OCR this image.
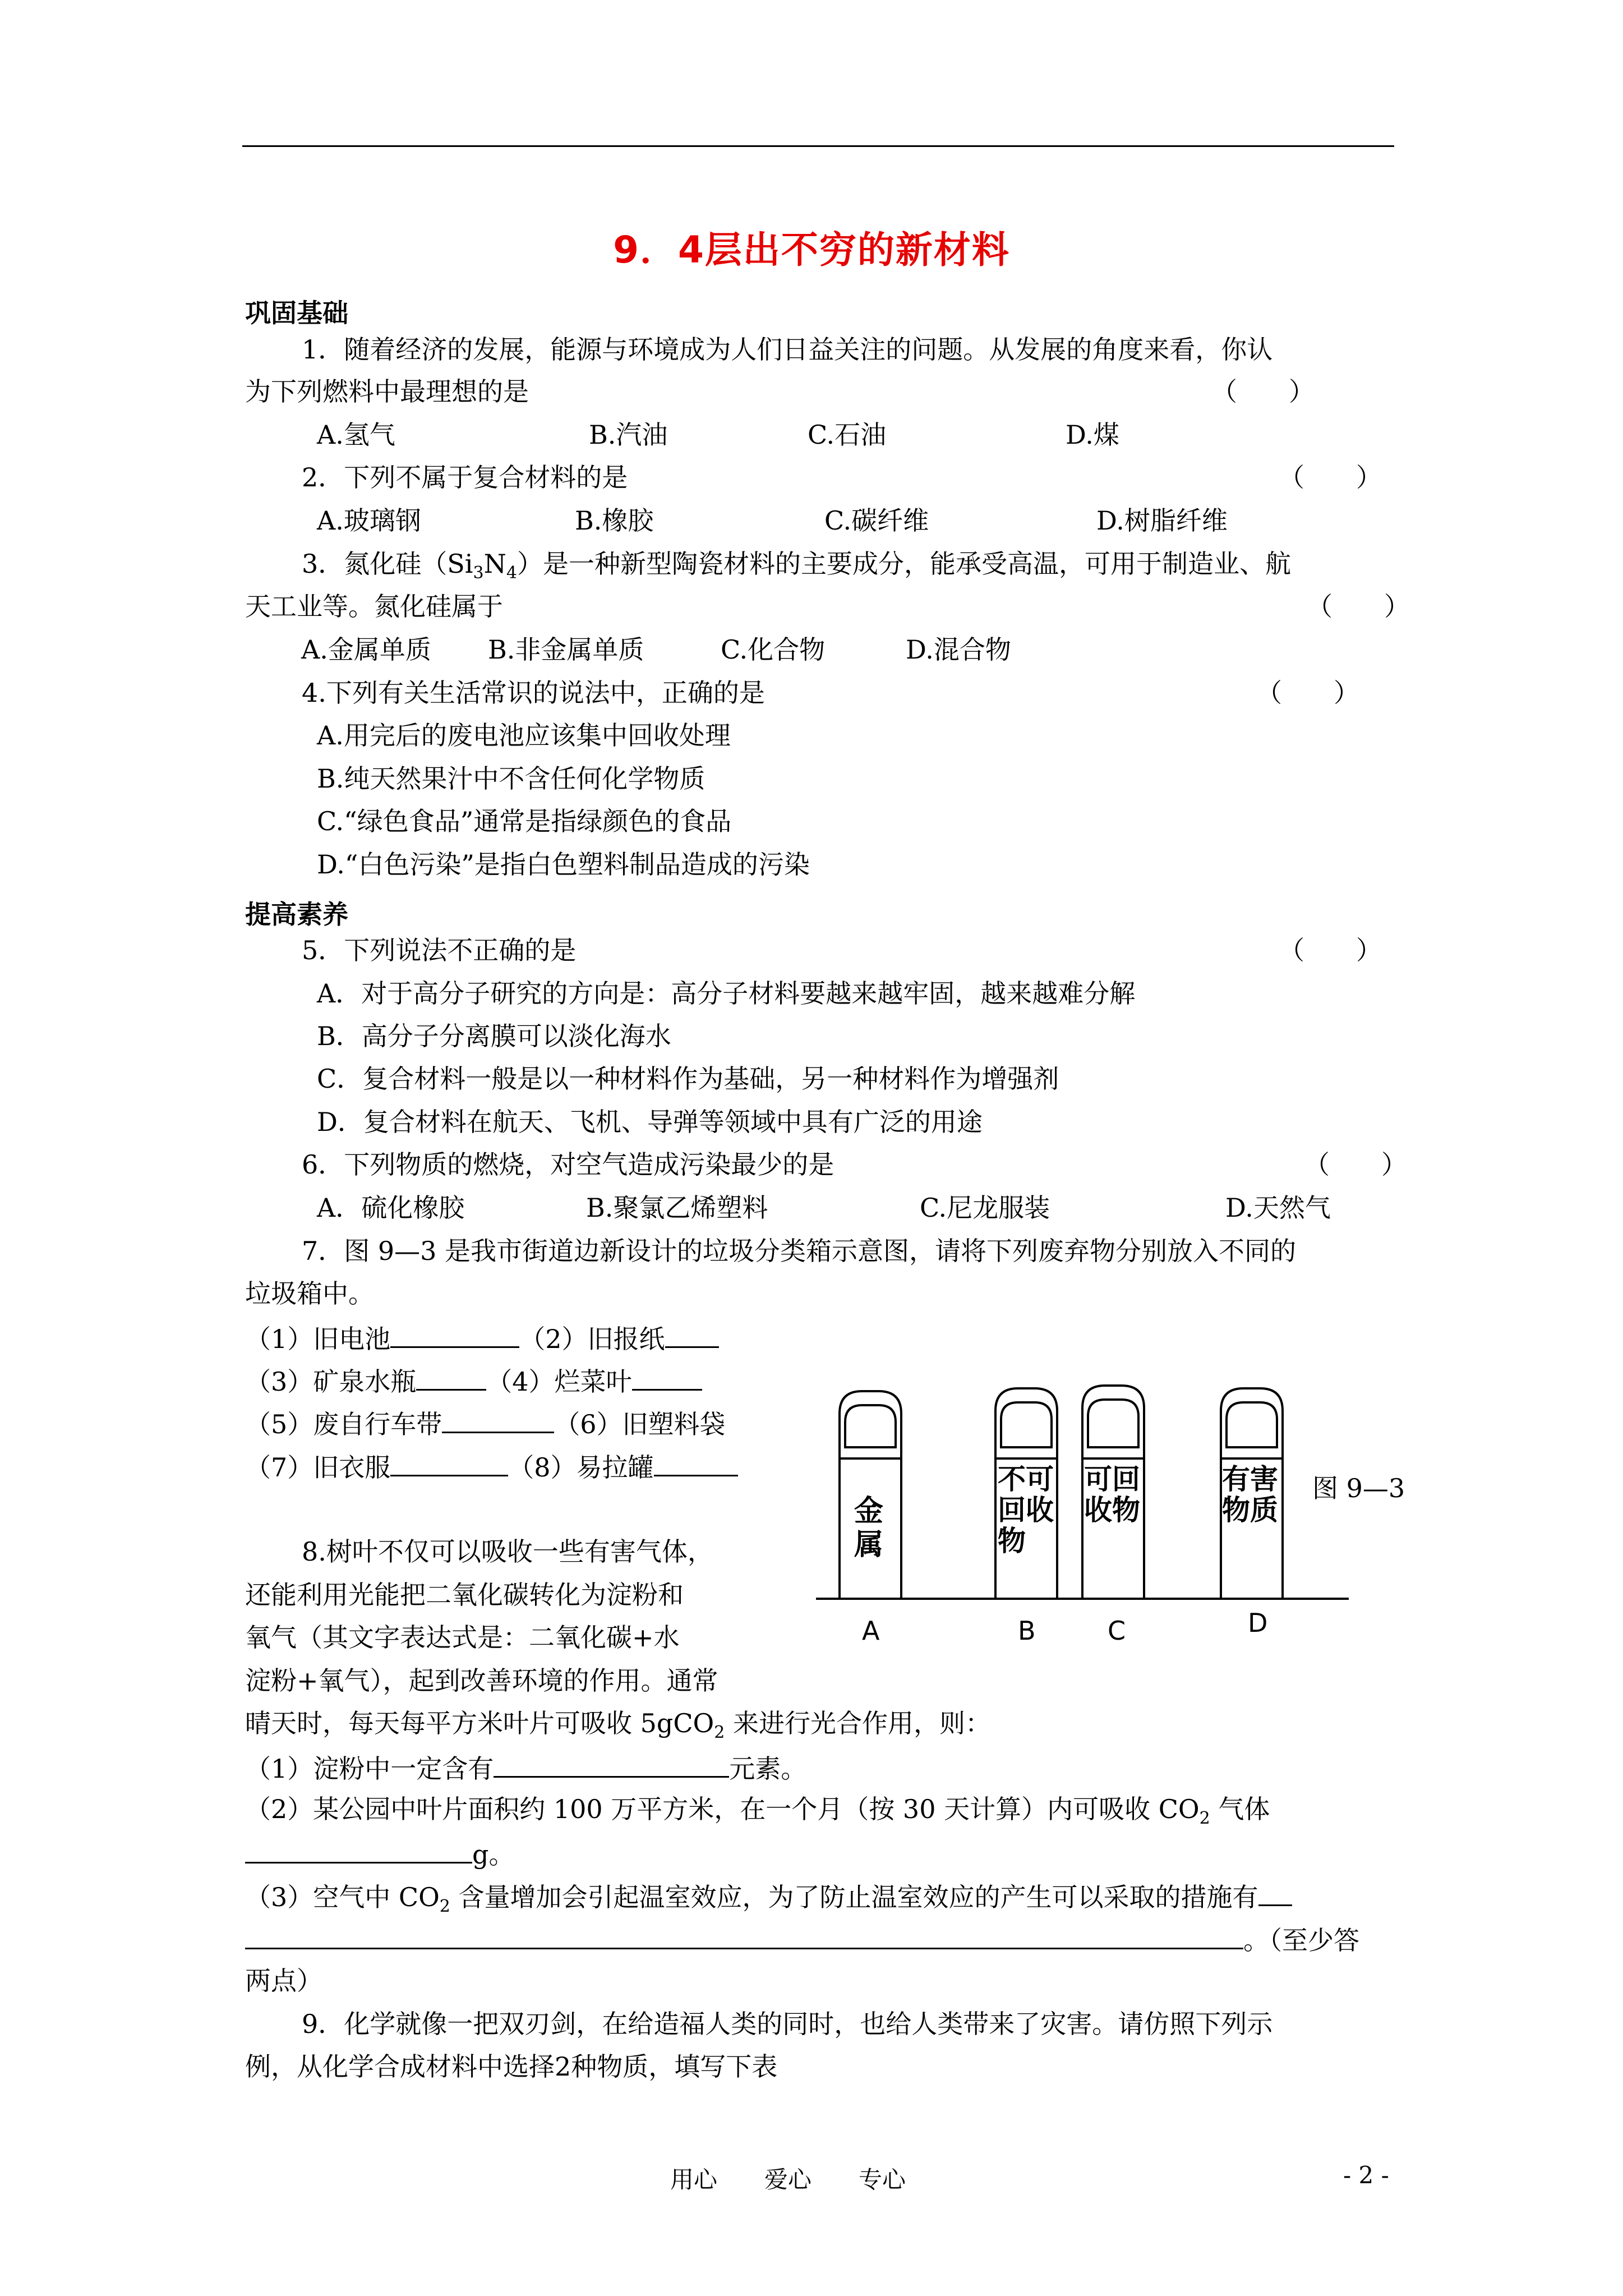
9．4层出不穷的新材料
巩固基础
1．随着经济的发展，能源与环境成为人们日益关注的问题。从发展的角度来看，你认
为下列燃料中最理想的是	（　　）
A.氢气	B.汽油	C.石油	D.煤
2．下列不属于复合材料的是	（　　）
A.玻璃钢	B.橡胶	C.碳纤维	D.树脂纤维
3．氮化硅$(Si_3N_4)$是一种新型陶瓷材料的主要成分，能承受高温，可用于制造业、航
天工业等。氮化硅属于	（　　）
A.金属单质 B.非金属单质	C.化合物	D.混合物
4.下列有关生活常识的说法中，正确的是	（　　）
A.用完后的废电池应该集中回收处理
B.纯天然果汁中不含任何化学物质
C.“绿色食品”通常是指绿颜色的食品
D.“白色污染”是指白色塑料制品造成的污染
提高素养
5．下列说法不正确的是	（　　）
A．对于高分子研究的方向是：高分子材料要越来越牢固，越来越难分解
B．高分子分离膜可以淡化海水
C．复合材料一般是以一种材料作为基础，另一种材料作为增强剂
D．复合材料在航天、飞机、导弹等领域中具有广泛的用途
6．下列物质的燃烧，对空气造成污染最少的是	（　　）
A．硫化橡胶	B.聚氯乙烯塑料	C.尼龙服装	D.天然气
7．图 9—3 是我市街道边新设计的垃圾分类箱示意图，请将下列废弃物分别放入不同的
垃圾箱中。
（1）旧电池	（2）旧报纸
（3）矿泉水瓶	（4）烂菜叶
（5）废自行车带	（6）旧塑料袋
（7）旧衣服	（8）易拉罐
金属
不可回收物
可回收物
有害物质
A	B	C	D
图 9—3
8.树叶不仅可以吸收一些有害气体，
还能利用光能把二氧化碳转化为淀粉和
氧气（其文字表达式是：二氧化碳+水
淀粉+氧气），起到改善环境的作用。通常
晴天时，每天每平方米叶片可吸收 5gCO$_2$ 来进行光合作用，则：
（1）淀粉中一定含有	元素。
（2）某公园中叶片面积约 100 万平方米，在一个月（按 30 天计算）内可吸收 $CO_2$ 气体
g。
（3）空气中 $CO_2$ 含量增加会引起温室效应，为了防止温室效应的产生可以采取的措施有
。（至少答
两点）
9．化学就像一把双刃剑，在给造福人类的同时，也给人类带来了灾害。请仿照下列示
例，从化学合成材料中选择2种物质，填写下表
用心　　爱心　　专心	- 2 -
